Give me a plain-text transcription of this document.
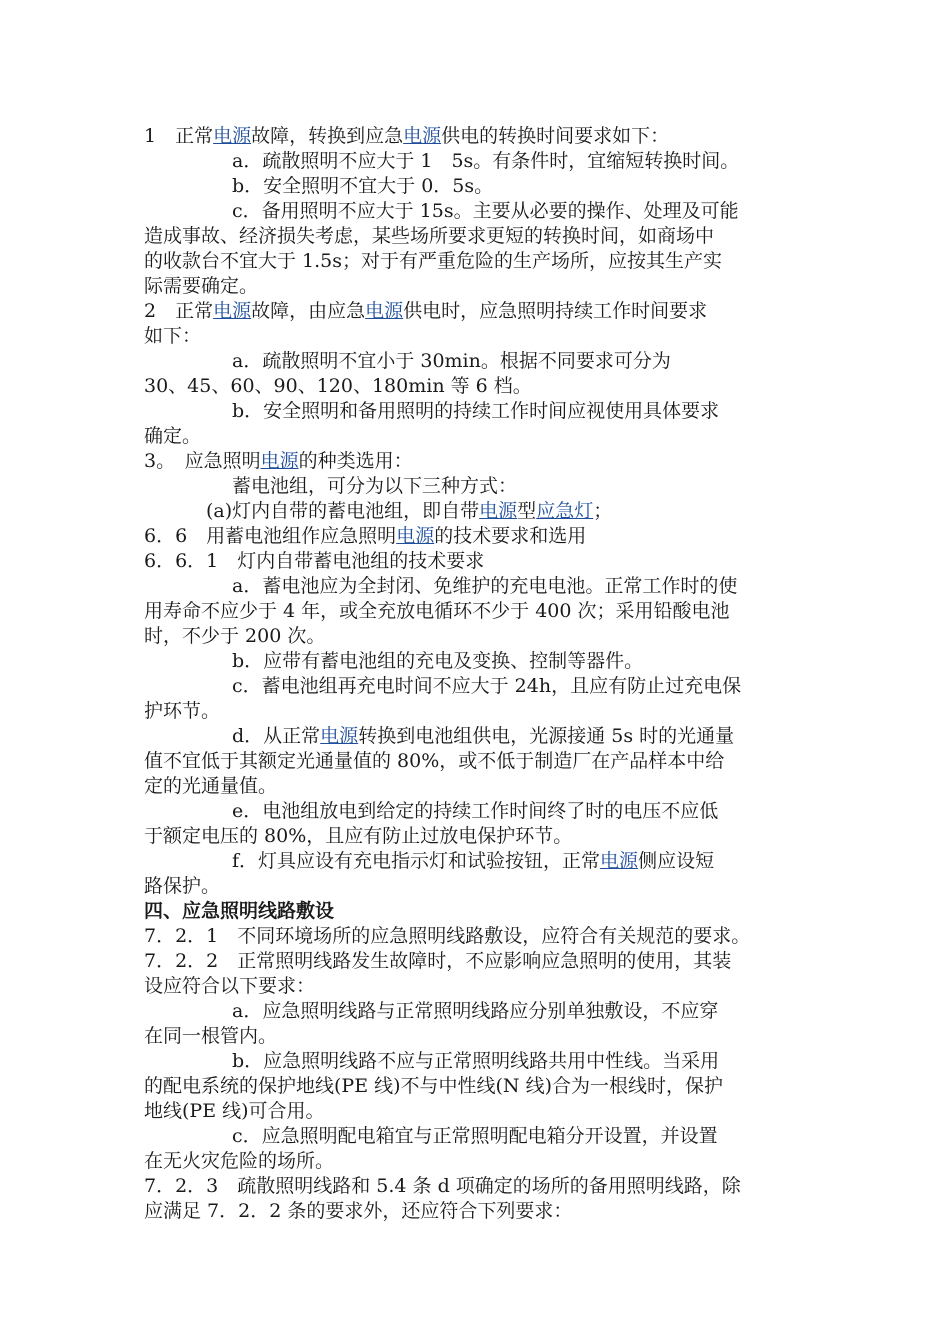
1　正常电源故障，转换到应急电源供电的转换时间要求如下：
a．疏散照明不应大于 1　5s。有条件时，宜缩短转换时间。
b．安全照明不宜大于 0．5s。
c．备用照明不应大于 15s。主要从必要的操作、处理及可能
造成事故、经济损失考虑，某些场所要求更短的转换时间，如商场中
的收款台不宜大于 1.5s；对于有严重危险的生产场所，应按其生产实
际需要确定。
2　正常电源故障，由应急电源供电时，应急照明持续工作时间要求
如下：
a．疏散照明不宜小于 30min。根据不同要求可分为
30、45、60、90、120、180min 等 6 档。
b．安全照明和备用照明的持续工作时间应视使用具体要求
确定。
3。　应急照明电源的种类选用：
蓄电池组，可分为以下三种方式：
(a)灯内自带的蓄电池组，即自带电源型应急灯；
6．6　用蓄电池组作应急照明电源的技术要求和选用
6．6．1　灯内自带蓄电池组的技术要求
a．蓄电池应为全封闭、免维护的充电电池。正常工作时的使
用寿命不应少于 4 年，或全充放电循环不少于 400 次；采用铅酸电池
时，不少于 200 次。
b．应带有蓄电池组的充电及变换、控制等器件。
c．蓄电池组再充电时间不应大于 24h，且应有防止过充电保
护环节。
d．从正常电源转换到电池组供电，光源接通 5s 时的光通量
值不宜低于其额定光通量值的 80%，或不低于制造厂在产品样本中给
定的光通量值。
e．电池组放电到给定的持续工作时间终了时的电压不应低
于额定电压的 80%，且应有防止过放电保护环节。
f．灯具应设有充电指示灯和试验按钮，正常电源侧应设短
路保护。
四、应急照明线路敷设
7．2．1　不同环境场所的应急照明线路敷设，应符合有关规范的要求。
7．2．2　正常照明线路发生故障时，不应影响应急照明的使用，其装
设应符合以下要求：
a．应急照明线路与正常照明线路应分别单独敷设，不应穿
在同一根管内。
b．应急照明线路不应与正常照明线路共用中性线。当采用
的配电系统的保护地线(PE 线)不与中性线(N 线)合为一根线时，保护
地线(PE 线)可合用。
c．应急照明配电箱宜与正常照明配电箱分开设置，并设置
在无火灾危险的场所。
7．2．3　疏散照明线路和 5.4 条 d 项确定的场所的备用照明线路，除
应满足 7．2．2 条的要求外，还应符合下列要求：
